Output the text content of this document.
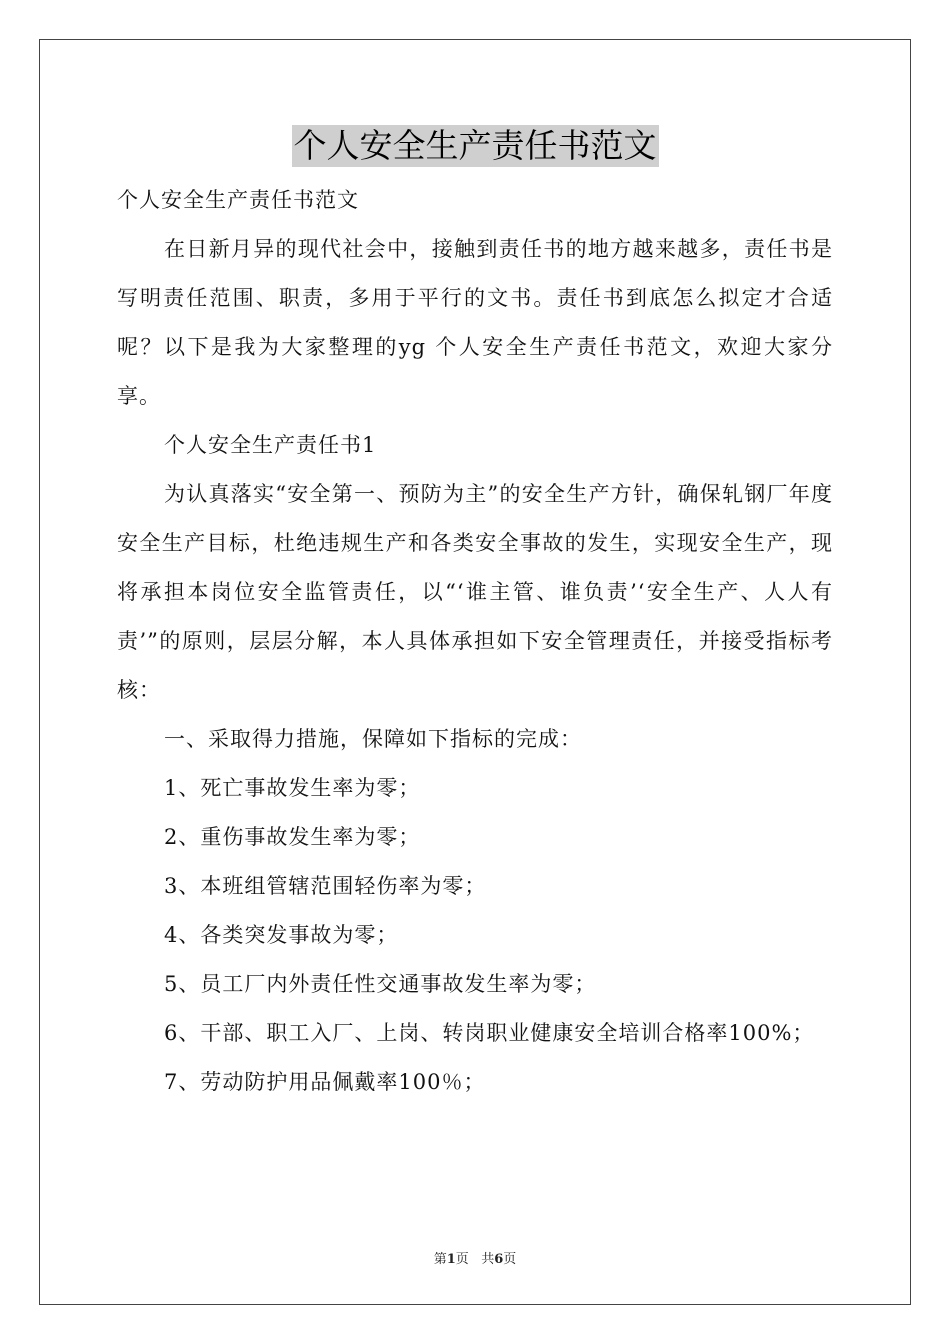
个人安全生产责任书范文

个人安全生产责任书范文

在日新月异的现代社会中，接触到责任书的地方越来越多，责任书是写明责任范围、职责，多用于平行的文书。责任书到底怎么拟定才合适呢？以下是我为大家整理的yg 个人安全生产责任书范文，欢迎大家分享。

个人安全生产责任书1

为认真落实“安全第一、预防为主”的安全生产方针，确保轧钢厂年度安全生产目标，杜绝违规生产和各类安全事故的发生，实现安全生产，现将承担本岗位安全监管责任，以“‘谁主管、谁负责’‘安全生产、人人有责’”的原则，层层分解，本人具体承担如下安全管理责任，并接受指标考核：

一、采取得力措施，保障如下指标的完成：

1、死亡事故发生率为零；

2、重伤事故发生率为零；

3、本班组管辖范围轻伤率为零；

4、各类突发事故为零；

5、员工厂内外责任性交通事故发生率为零；

6、干部、职工入厂、上岗、转岗职业健康安全培训合格率100%；

7、劳动防护用品佩戴率100％；

第1页 共6页
